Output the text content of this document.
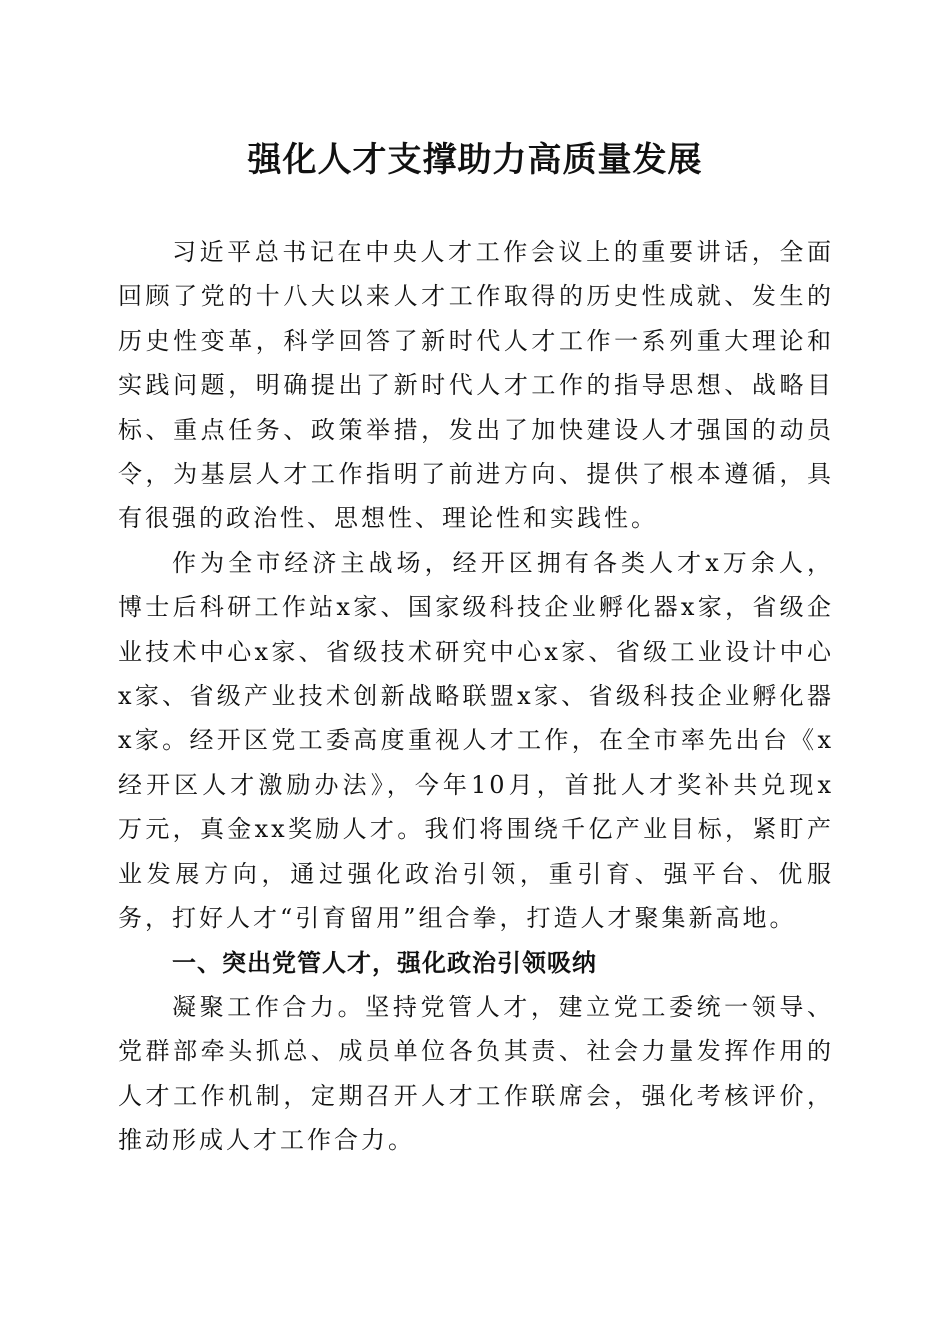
强化人才支撑助力高质量发展

习近平总书记在中央人才工作会议上的重要讲话，全面回顾了党的十八大以来人才工作取得的历史性成就、发生的历史性变革，科学回答了新时代人才工作一系列重大理论和实践问题，明确提出了新时代人才工作的指导思想、战略目标、重点任务、政策举措，发出了加快建设人才强国的动员令，为基层人才工作指明了前进方向、提供了根本遵循，具有很强的政治性、思想性、理论性和实践性。

作为全市经济主战场，经开区拥有各类人才x万余人，博士后科研工作站x家、国家级科技企业孵化器x家，省级企业技术中心x家、省级技术研究中心x家、省级工业设计中心x家、省级产业技术创新战略联盟x家、省级科技企业孵化器x家。经开区党工委高度重视人才工作，在全市率先出台《x经开区人才激励办法》，今年10月，首批人才奖补共兑现x万元，真金xx奖励人才。我们将围绕千亿产业目标，紧盯产业发展方向，通过强化政治引领，重引育、强平台、优服务，打好人才“引育留用”组合拳，打造人才聚集新高地。

一、突出党管人才，强化政治引领吸纳

凝聚工作合力。坚持党管人才，建立党工委统一领导、党群部牵头抓总、成员单位各负其责、社会力量发挥作用的人才工作机制，定期召开人才工作联席会，强化考核评价，推动形成人才工作合力。
